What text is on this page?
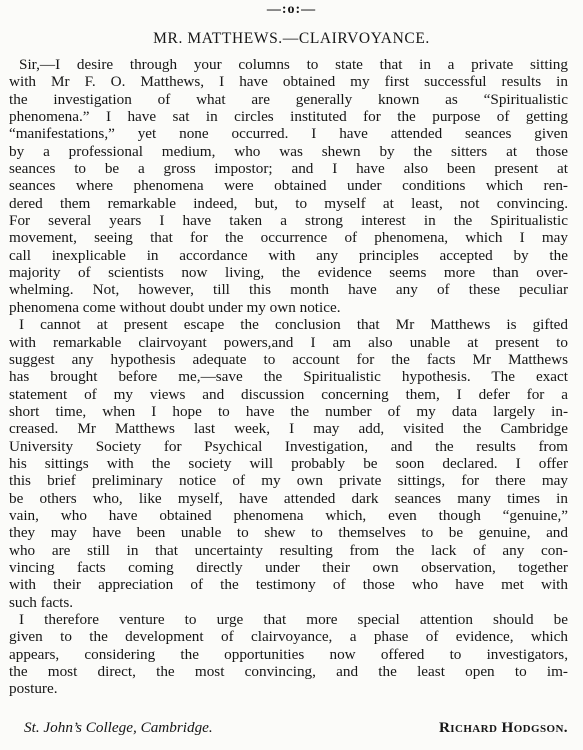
—:o:—
MR. MATTHEWS.—CLAIRVOYANCE.
Sir,—I desire through your columns to state that in a private sitting
with Mr F. O. Matthews, I have obtained my first successful results in
the investigation of what are generally known as “Spiritualistic
phenomena.” I have sat in circles instituted for the purpose of getting
“manifestations,” yet none occurred. I have attended seances given
by a professional medium, who was shewn by the sitters at those
seances to be a gross impostor; and I have also been present at
seances where phenomena were obtained under conditions which ren-
dered them remarkable indeed, but, to myself at least, not convincing.
For several years I have taken a strong interest in the Spiritualistic
movement, seeing that for the occurrence of phenomena, which I may
call inexplicable in accordance with any principles accepted by the
majority of scientists now living, the evidence seems more than over-
whelming. Not, however, till this month have any of these peculiar
phenomena come without doubt under my own notice.
I cannot at present escape the conclusion that Mr Matthews is gifted
with remarkable clairvoyant powers,and I am also unable at present to
suggest any hypothesis adequate to account for the facts Mr Matthews
has brought before me,—save the Spiritualistic hypothesis. The exact
statement of my views and discussion concerning them, I defer for a
short time, when I hope to have the number of my data largely in-
creased. Mr Matthews last week, I may add, visited the Cambridge
University Society for Psychical Investigation, and the results from
his sittings with the society will probably be soon declared. I offer
this brief preliminary notice of my own private sittings, for there may
be others who, like myself, have attended dark seances many times in
vain, who have obtained phenomena which, even though “genuine,”
they may have been unable to shew to themselves to be genuine, and
who are still in that uncertainty resulting from the lack of any con-
vincing facts coming directly under their own observation, together
with their appreciation of the testimony of those who have met with
such facts.
I therefore venture to urge that more special attention should be
given to the development of clairvoyance, a phase of evidence, which
appears, considering the opportunities now offered to investigators,
the most direct, the most convincing, and the least open to im-
posture.
St. John’s College, Cambridge.	Richard Hodgson.
